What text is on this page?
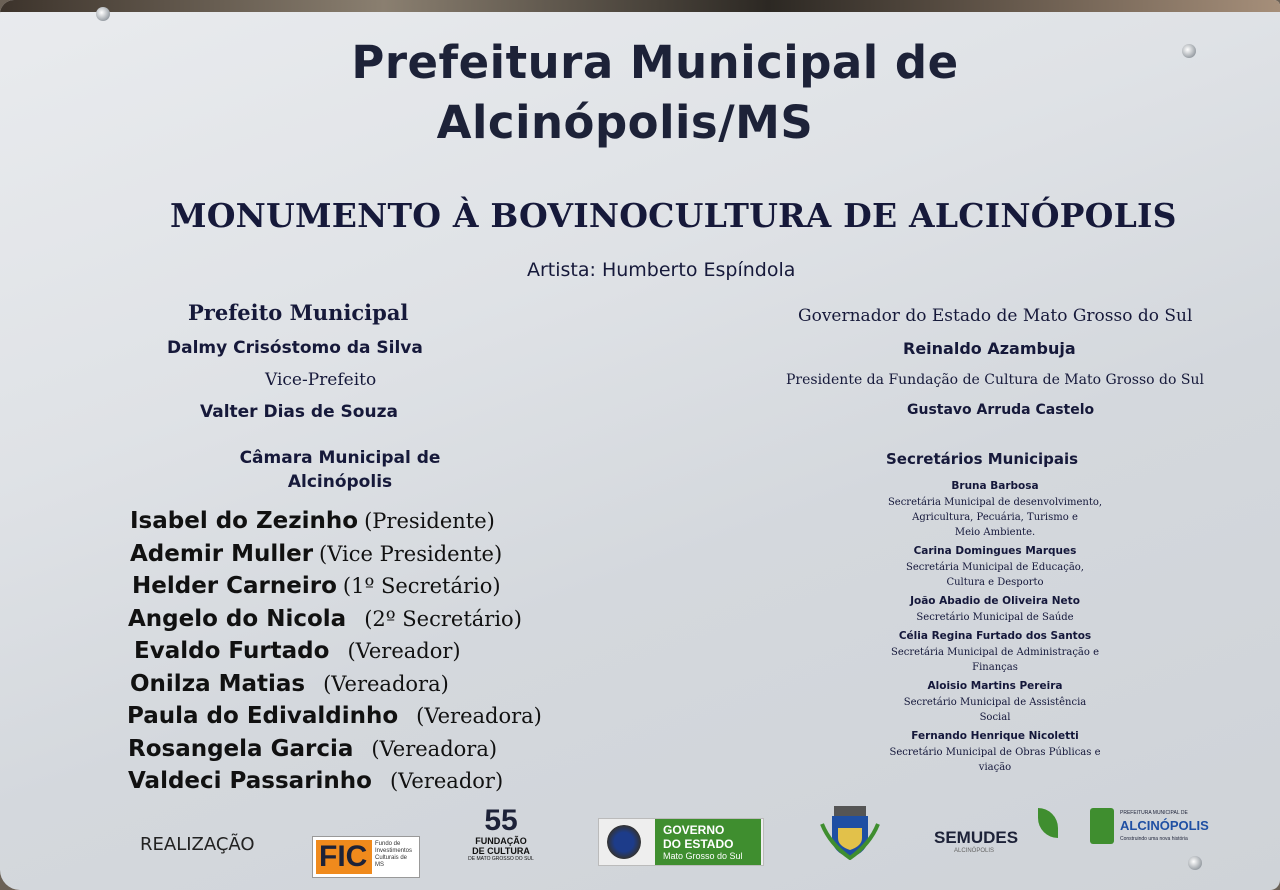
Prefeitura Municipal de
Alcinópolis/MS
MONUMENTO À BOVINOCULTURA DE ALCINÓPOLIS
Artista: Humberto Espíndola
Prefeito Municipal
Dalmy Crisóstomo da Silva
Vice-Prefeito
Valter Dias de Souza
Câmara Municipal de
Alcinópolis
Isabel do Zezinho (Presidente)
Ademir Muller (Vice Presidente)
Helder Carneiro (1º Secretário)
Angelo do Nicola (2º Secretário)
Evaldo Furtado (Vereador)
Onilza Matias (Vereadora)
Paula do Edivaldinho (Vereadora)
Rosangela Garcia (Vereadora)
Valdeci Passarinho (Vereador)
Governador do Estado de Mato Grosso do Sul
Reinaldo Azambuja
Presidente da Fundação de Cultura de Mato Grosso do Sul
Gustavo Arruda Castelo
Secretários Municipais
Bruna Barbosa
Secretária Municipal de desenvolvimento,
Agricultura, Pecuária, Turismo e
Meio Ambiente.
Carina Domingues Marques
Secretária Municipal de Educação,
Cultura e Desporto
João Abadio de Oliveira Neto
Secretário Municipal de Saúde
Célia Regina Furtado dos Santos
Secretária Municipal de Administração e
Finanças
Aloisio Martins Pereira
Secretário Municipal de Assistência
Social
Fernando Henrique Nicoletti
Secretário Municipal de Obras Públicas e
viação
REALIZAÇÃO FIC Fundo de Investimentos Culturais de MS
55
FUNDAÇÃO
DE CULTURA
DE MATO GROSSO DO SUL
GOVERNO
DO ESTADO
Mato Grosso do Sul
SEMUDES
ALCINÓPOLIS
PREFEITURA MUNICIPAL DE
ALCINÓPOLIS
Construindo uma nova história
